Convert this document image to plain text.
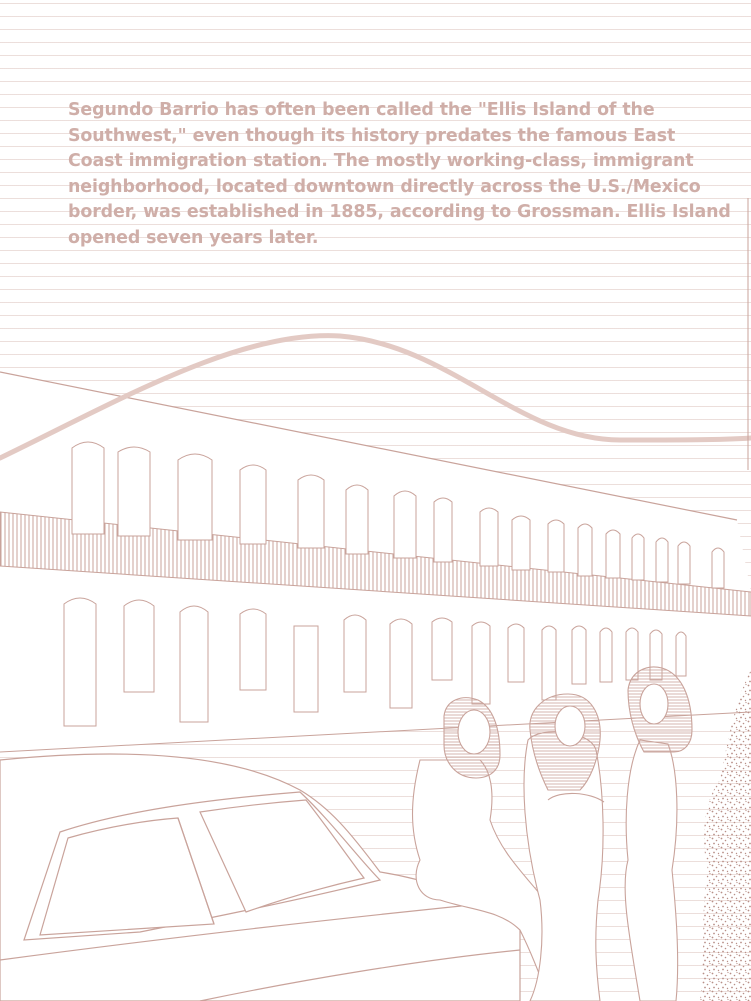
Segundo Barrio has often been called the "Ellis Island of the Southwest," even though its history predates the famous East Coast immigration station. The mostly working-class, immigrant neighborhood, located downtown directly across the U.S./Mexico border, was established in 1885, according to Grossman. Ellis Island opened seven years later.
